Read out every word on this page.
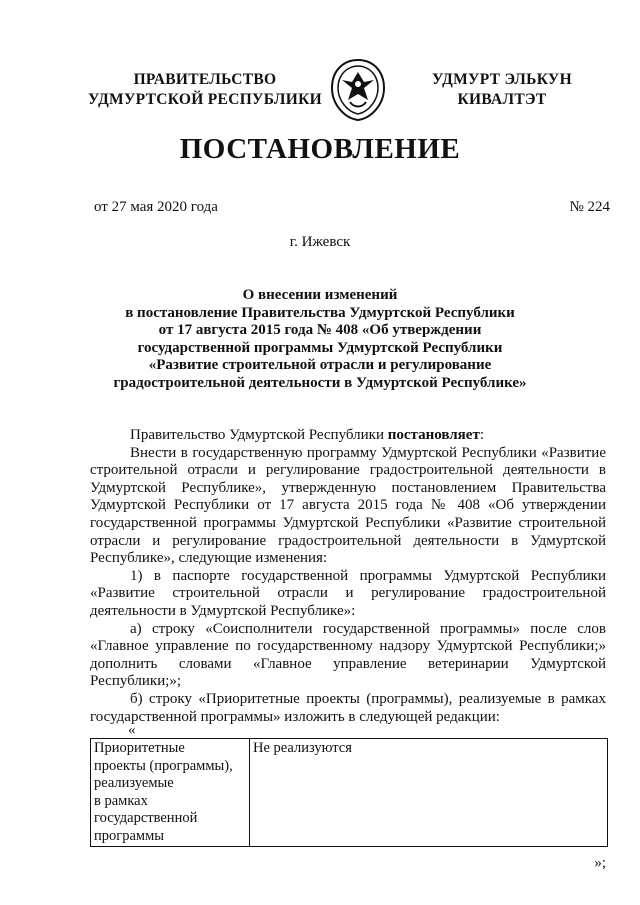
ПРАВИТЕЛЬСТВО
УДМУРТСКОЙ РЕСПУБЛИКИ
УДМУРТ ЭЛЬКУН
КИВАЛТЭТ
ПОСТАНОВЛЕНИЕ
от 27 мая 2020 года	№ 224
г. Ижевск
О внесении изменений
в постановление Правительства Удмуртской Республики
от 17 августа 2015 года № 408 «Об утверждении
государственной программы Удмуртской Республики
«Развитие строительной отрасли и регулирование
градостроительной деятельности в Удмуртской Республике»

Правительство Удмуртской Республики постановляет:

Внести в государственную программу Удмуртской Республики «Развитие строительной отрасли и регулирование градостроительной деятельности в Удмуртской Республике», утвержденную постановлением Правительства Удмуртской Республики от 17 августа 2015 года № 408 «Об утверждении государственной программы Удмуртской Республики «Развитие строительной отрасли и регулирование градостроительной деятельности в Удмуртской Республике», следующие изменения:

1) в паспорте государственной программы Удмуртской Республики «Развитие строительной отрасли и регулирование градостроительной деятельности в Удмуртской Республике»:

а) строку «Соисполнители государственной программы» после слов «Главное управление по государственному надзору Удмуртской Республики;» дополнить словами «Главное управление ветеринарии Удмуртской Республики;»;

б) строку «Приоритетные проекты (программы), реализуемые в рамках государственной программы» изложить в следующей редакции:

«
Приоритетные
проекты (программы),
реализуемые
в рамках
государственной
программы
	Не реализуются
»;
